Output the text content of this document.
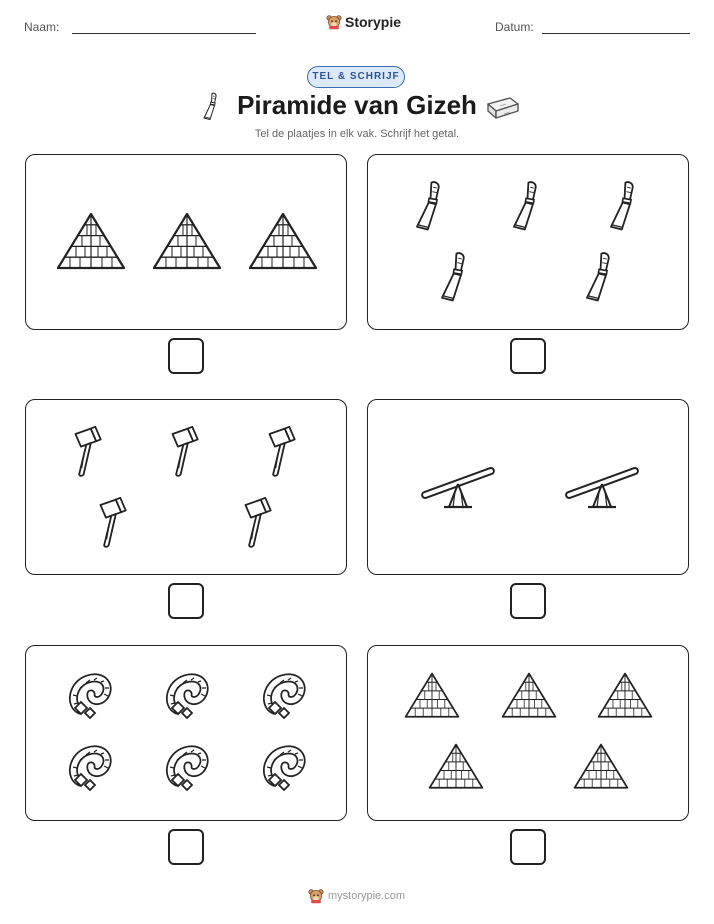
Naam:	Storypie	Datum:
TEL & SCHRIJF
Piramide van Gizeh
Tel de plaatjes in elk vak. Schrijf het getal.
mystorypie.com
